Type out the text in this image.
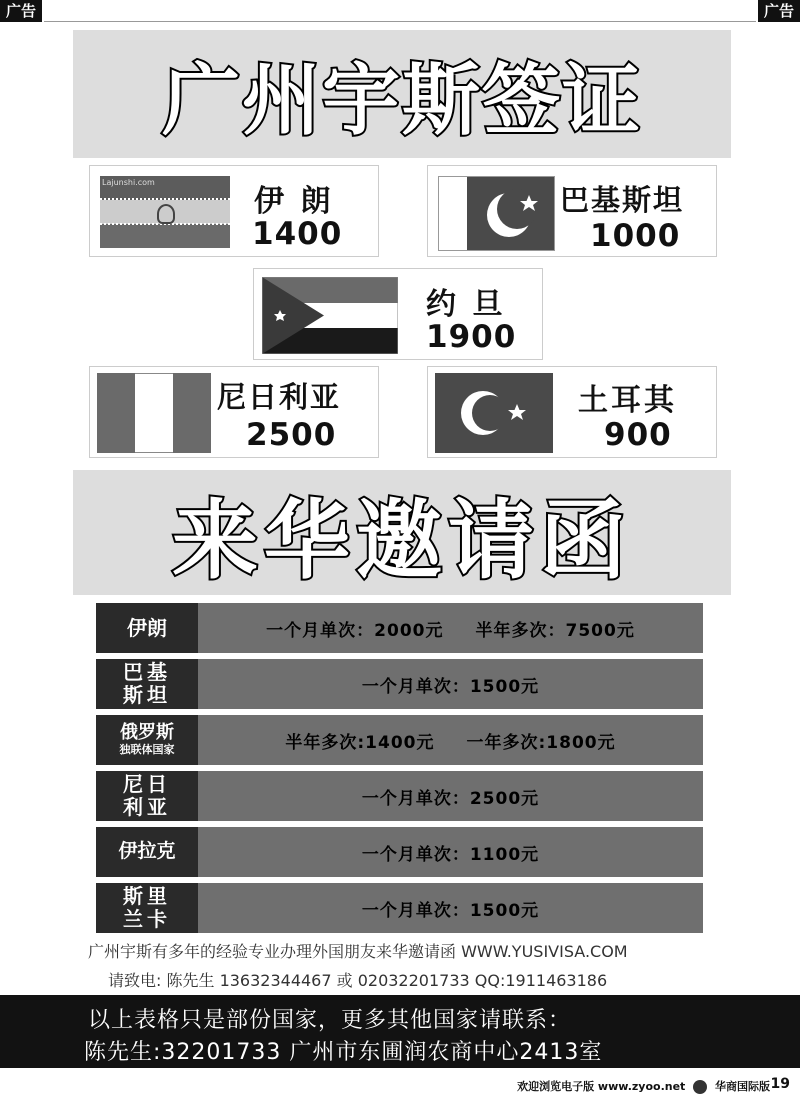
广告	广告
广州宇斯签证
Lajunshi.com
伊 朗
1400
巴基斯坦
1000
约 旦
1900
尼日利亚
2500
土耳其
900
来华邀请函
伊朗	一个月单次：2000元 半年多次：7500元
巴基
斯坦	一个月单次：1500元
俄罗斯
独联体国家	半年多次:1400元 一年多次:1800元
尼日
利亚	一个月单次：2500元
伊拉克	一个月单次：1100元
斯里
兰卡	一个月单次：1500元
广州宇斯有多年的经验专业办理外国朋友来华邀请函 WWW.YUSIVISA.COM
请致电: 陈先生 13632344467 或 02032201733 QQ:1911463186
以上表格只是部份国家，更多其他国家请联系：
陈先生:32201733 广州市东圃润农商中心2413室
欢迎浏览电子版 www.zyoo.net	华商国际版 19
